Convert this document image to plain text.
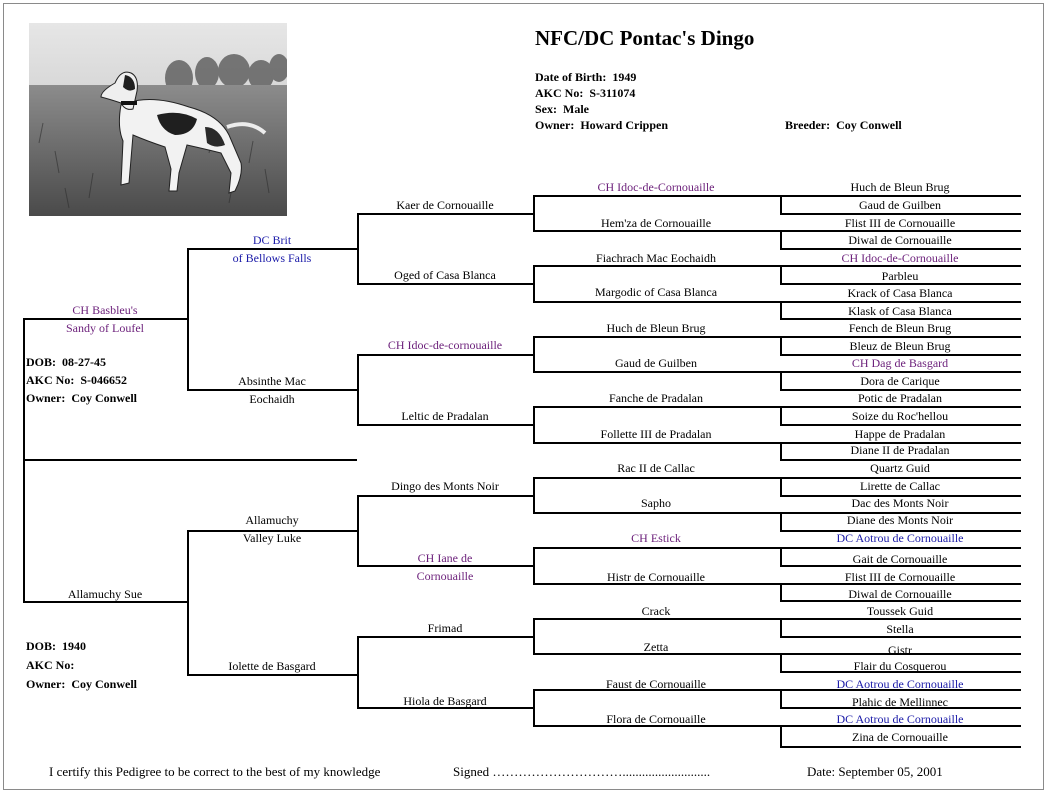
NFC/DC Pontac's Dingo
Date of Birth: 1949
AKC No: S-311074
Sex: Male
Owner: Howard Crippen	Breeder: Coy Conwell
DOB: 08-27-45
AKC No: S-046652
Owner: Coy Conwell
DOB: 1940
AKC No:
Owner: Coy Conwell
Huch de Bleun Brug
Gaud de Guilben
Flist III de Cornouaille
Diwal de Cornouaille
CH Idoc-de-Cornouaille
Parbleu
Krack of Casa Blanca
Klask of Casa Blanca
Fench de Bleun Brug
Bleuz de Bleun Brug
CH Dag de Basgard
Dora de Carique
Potic de Pradalan
Soize du Roc'hellou
Happe de Pradalan
Diane II de Pradalan
Quartz Guid
Lirette de Callac
Dac des Monts Noir
Diane des Monts Noir
DC Aotrou de Cornouaille
Gait de Cornouaille
Flist III de Cornouaille
Diwal de Cornouaille
Toussek Guid
Stella
Gistr
Flair du Cosquerou
DC Aotrou de Cornouaille
Plahic de Mellinnec
DC Aotrou de Cornouaille
Zina de Cornouaille
CH Idoc-de-Cornouaille
Hem'za de Cornouaille
Fiachrach Mac Eochaidh
Margodic of Casa Blanca
Huch de Bleun Brug
Gaud de Guilben
Fanche de Pradalan
Follette III de Pradalan
Rac II de Callac
Sapho
CH Estick
Histr de Cornouaille
Crack
Zetta
Faust de Cornouaille
Flora de Cornouaille
Kaer de Cornouaille
Oged of Casa Blanca
CH Idoc-de-cornouaille
Leltic de Pradalan
Dingo des Monts Noir
CH Iane de
Cornouaille
Frimad
Hiola de Basgard
DC Brit
of Bellows Falls
Absinthe Mac
Eochaidh
Allamuchy
Valley Luke
Iolette de Basgard
CH Basbleu's
Sandy of Loufel
Allamuchy Sue
I certify this Pedigree to be correct to the best of my knowledge	Signed …………………………...........................	Date: September 05, 2001
